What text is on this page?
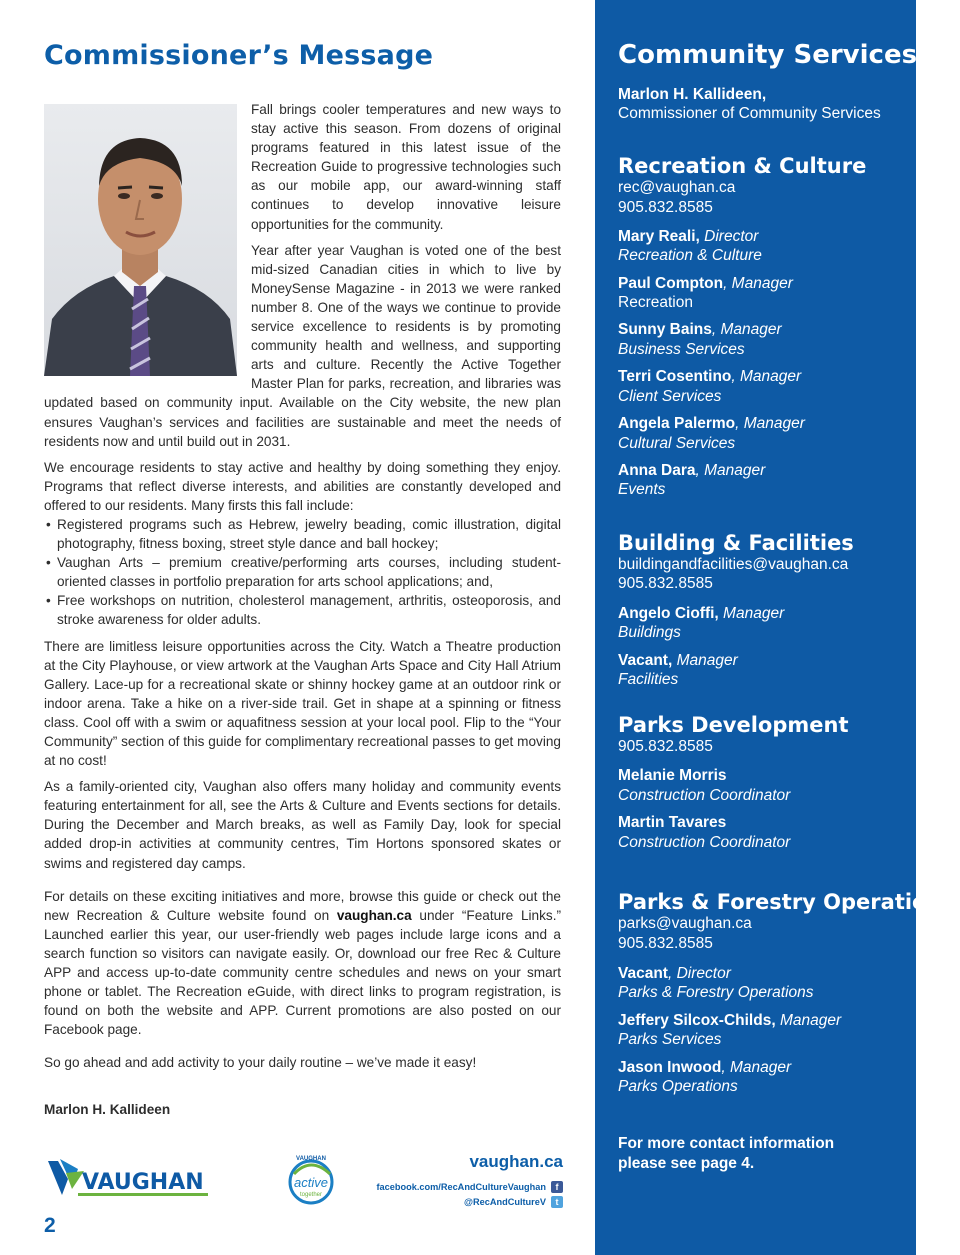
Commissioner’s Message

Fall brings cooler temperatures and new ways to stay active this season. From dozens of original programs featured in this latest issue of the Recreation Guide to progressive technologies such as our mobile app, our award-winning staff continues to develop innovative leisure opportunities for the community.

Year after year Vaughan is voted one of the best mid-sized Canadian cities in which to live by MoneySense Magazine - in 2013 we were ranked number 8. One of the ways we continue to provide service excellence to residents is by promoting community health and wellness, and supporting arts and culture. Recently the Active Together Master Plan for parks, recreation, and libraries was updated based on community input. Available on the City website, the new plan ensures Vaughan’s services and facilities are sustainable and meet the needs of residents now and until build out in 2031.

We encourage residents to stay active and healthy by doing something they enjoy. Programs that reflect diverse interests, and abilities are constantly developed and offered to our residents. Many firsts this fall include:

• Registered programs such as Hebrew, jewelry beading, comic illustration, digital photography, fitness boxing, street style dance and ball hockey;
• Vaughan Arts – premium creative/performing arts courses, including student-oriented classes in portfolio preparation for arts school applications; and,
• Free workshops on nutrition, cholesterol management, arthritis, osteoporosis, and stroke awareness for older adults.

There are limitless leisure opportunities across the City. Watch a Theatre production at the City Playhouse, or view artwork at the Vaughan Arts Space and City Hall Atrium Gallery. Lace-up for a recreational skate or shinny hockey game at an outdoor rink or indoor arena. Take a hike on a river-side trail. Get in shape at a spinning or fitness class. Cool off with a swim or aquafitness session at your local pool. Flip to the “Your Community” section of this guide for complimentary recreational passes to get moving at no cost!

As a family-oriented city, Vaughan also offers many holiday and community events featuring entertainment for all, see the Arts & Culture and Events sections for details. During the December and March breaks, as well as Family Day, look for special added drop-in activities at community centres, Tim Hortons sponsored skates or swims and registered day camps.

For details on these exciting initiatives and more, browse this guide or check out the new Recreation & Culture website found on vaughan.ca under “Feature Links.” Launched earlier this year, our user-friendly web pages include large icons and a search function so visitors can navigate easily. Or, download our free Rec & Culture APP and access up-to-date community centre schedules and news on your smart phone or tablet. The Recreation eGuide, with direct links to program registration, is found on both the website and APP. Current promotions are also posted on our Facebook page.

So go ahead and add activity to your daily routine – we’ve made it easy!

Marlon H. Kallideen

VAUGHAN
VAUGHAN
active
together
vaughan.ca
facebook.com/RecAndCultureVaughan	f
@RecAndCultureV	t
2
Community Services
Marlon H. Kallideen,
Commissioner of Community Services
Recreation & Culture
rec@vaughan.ca
905.832.8585
Mary Reali, Director
Recreation & Culture
Paul Compton, Manager
Recreation
Sunny Bains, Manager
Business Services
Terri Cosentino, Manager
Client Services
Angela Palermo, Manager
Cultural Services
Anna Dara, Manager
Events
Building & Facilities
buildingandfacilities@vaughan.ca
905.832.8585
Angelo Cioffi, Manager
Buildings
Vacant, Manager
Facilities
Parks Development
905.832.8585
Melanie Morris
Construction Coordinator
Martin Tavares
Construction Coordinator
Parks & Forestry Operations
parks@vaughan.ca
905.832.8585
Vacant, Director
Parks & Forestry Operations
Jeffery Silcox-Childs, Manager
Parks Services
Jason Inwood, Manager
Parks Operations
For more contact information
please see page 4.
